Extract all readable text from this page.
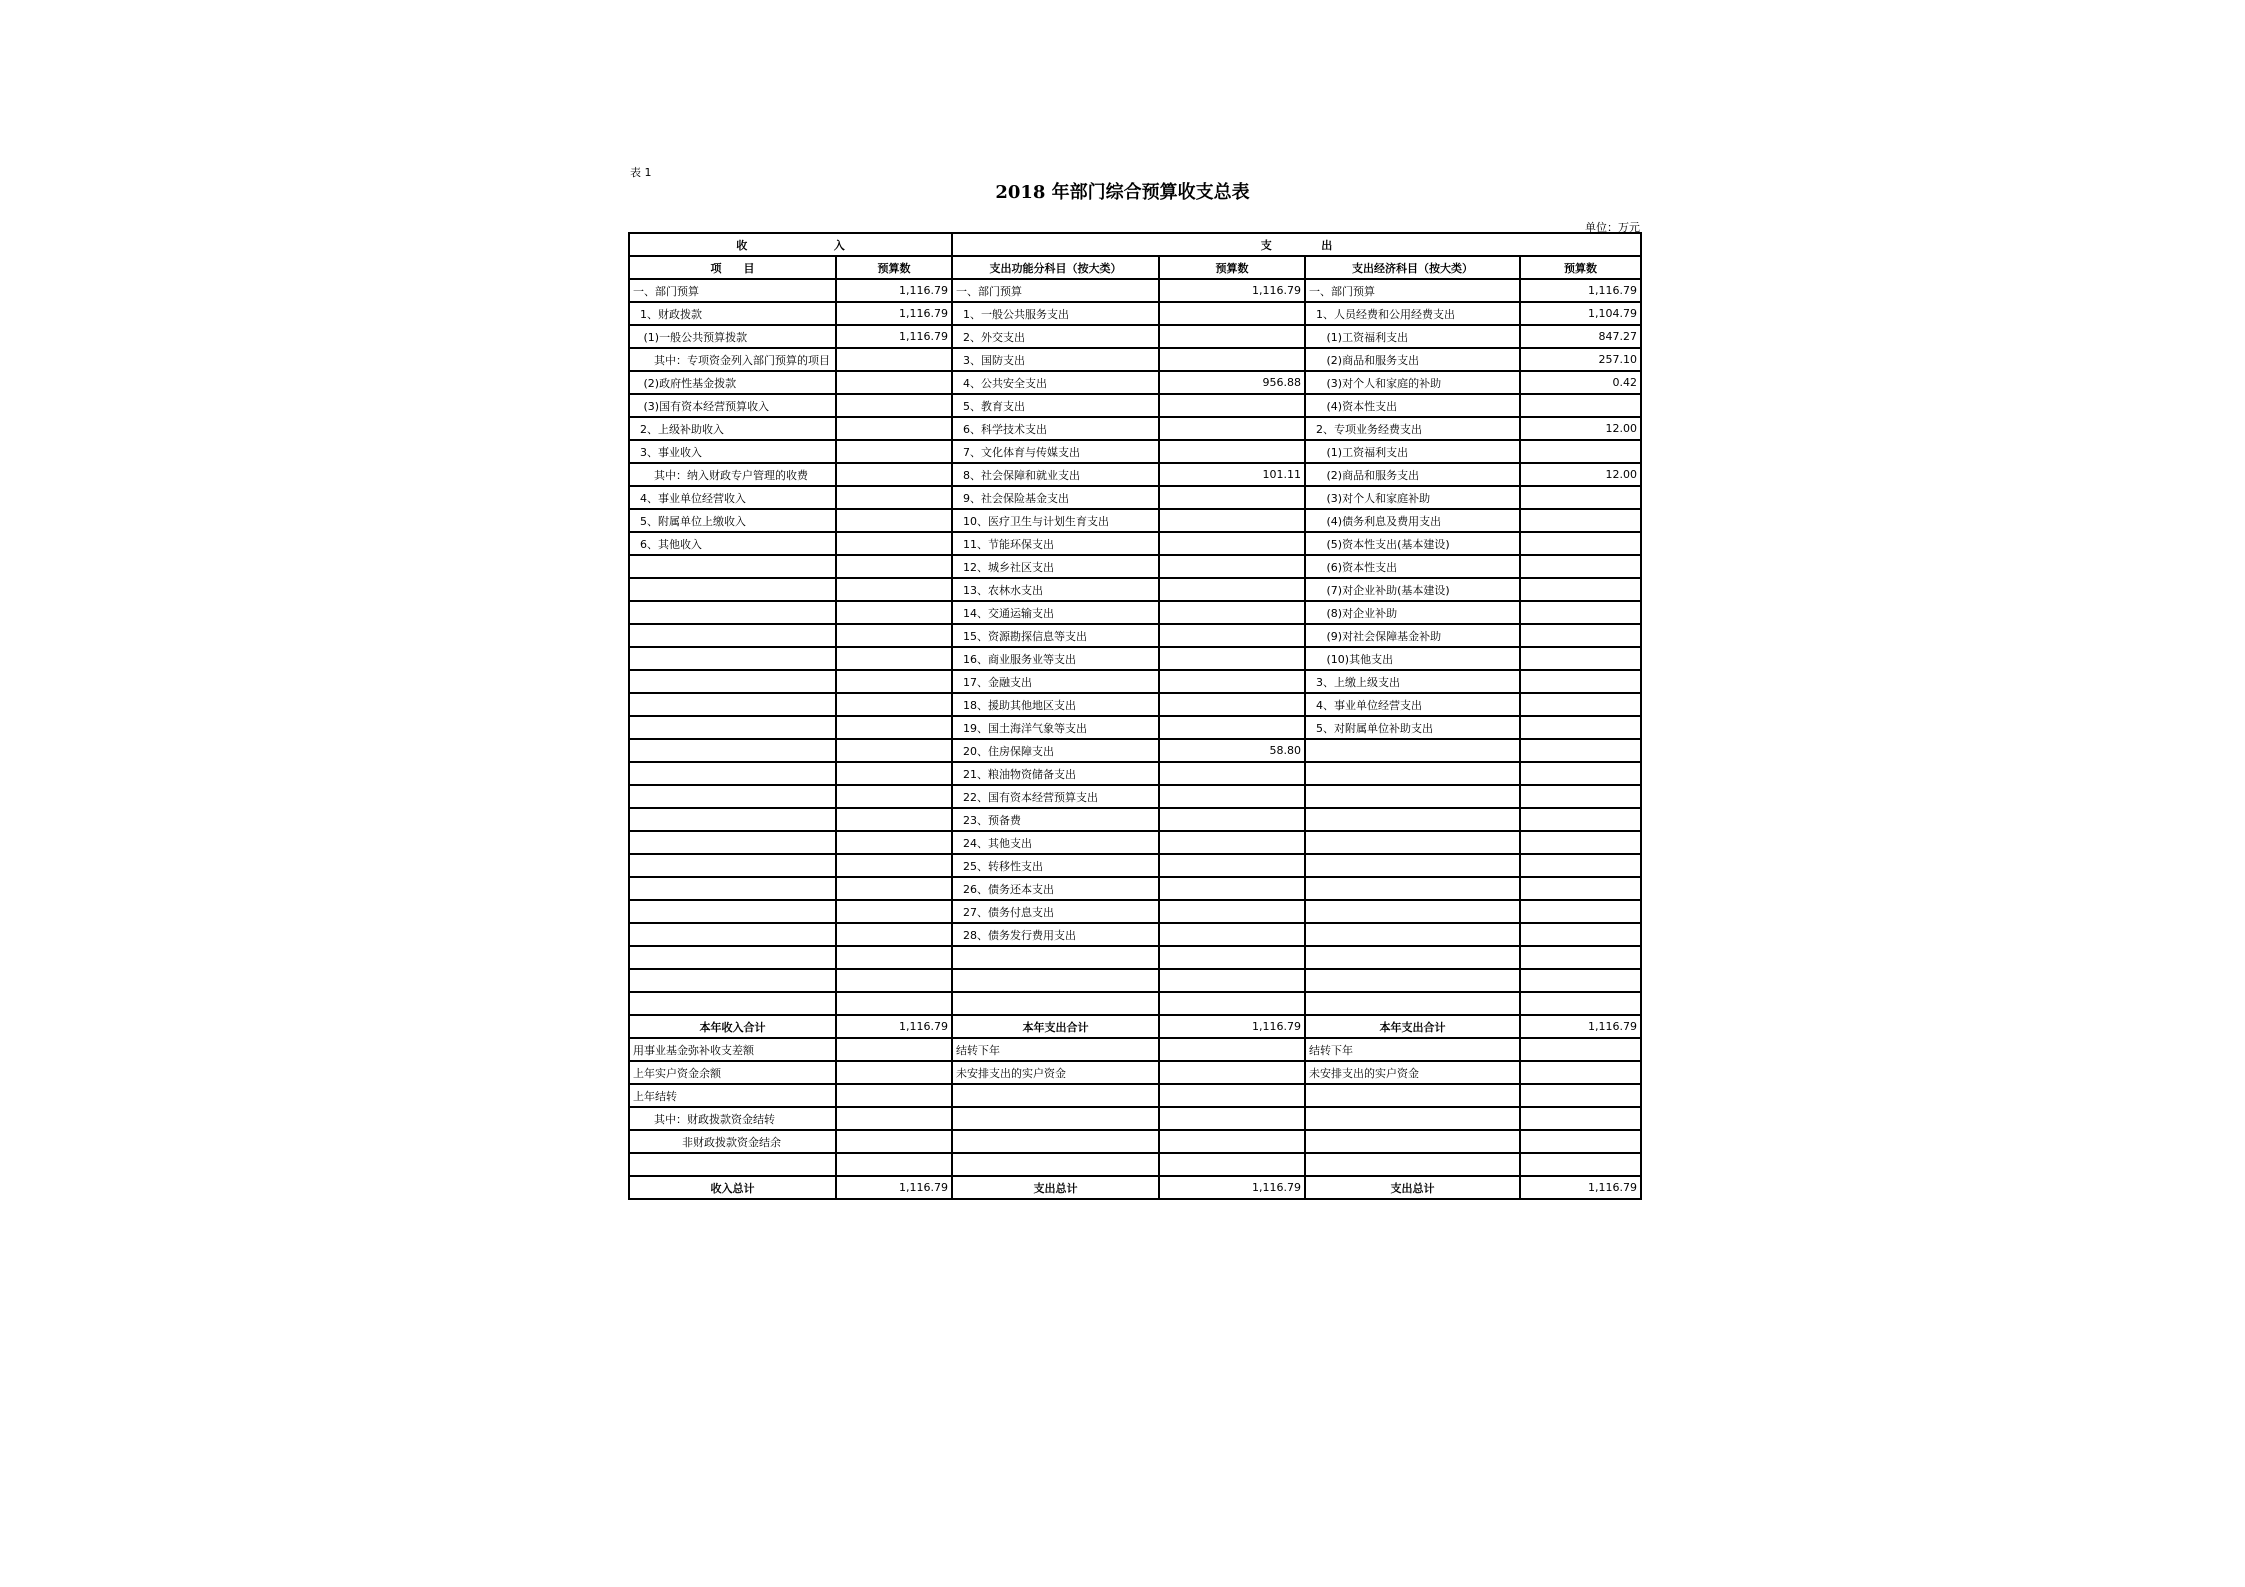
表 1
2018 年部门综合预算收支总表
单位：万元
收 入		支 出			

项　　目	预算数	支出功能分科目（按大类）	预算数	支出经济科目（按大类）	预算数
一、部门预算	1,116.79	一、部门预算	1,116.79	一、部门预算	1,116.79
1、财政拨款	1,116.79	1、一般公共服务支出		1、人员经费和公用经费支出	1,104.79
(1)一般公共预算拨款	1,116.79	2、外交支出		(1)工资福利支出	847.27
其中：专项资金列入部门预算的项目		3、国防支出		(2)商品和服务支出	257.10
(2)政府性基金拨款		4、公共安全支出	956.88	(3)对个人和家庭的补助	0.42
(3)国有资本经营预算收入		5、教育支出		(4)资本性支出	
2、上级补助收入		6、科学技术支出		2、专项业务经费支出	12.00
3、事业收入		7、文化体育与传媒支出		(1)工资福利支出	
其中：纳入财政专户管理的收费		8、社会保障和就业支出	101.11	(2)商品和服务支出	12.00
4、事业单位经营收入		9、社会保险基金支出		(3)对个人和家庭补助	
5、附属单位上缴收入		10、医疗卫生与计划生育支出		(4)债务利息及费用支出	
6、其他收入		11、节能环保支出		(5)资本性支出(基本建设)	
		12、城乡社区支出		(6)资本性支出	
		13、农林水支出		(7)对企业补助(基本建设)	
		14、交通运输支出		(8)对企业补助	
		15、资源勘探信息等支出		(9)对社会保障基金补助	
		16、商业服务业等支出		(10)其他支出	
		17、金融支出		3、上缴上级支出	
		18、援助其他地区支出		4、事业单位经营支出	
		19、国土海洋气象等支出		5、对附属单位补助支出	
		20、住房保障支出	58.80		
		21、粮油物资储备支出			
		22、国有资本经营预算支出			
		23、预备费			
		24、其他支出			
		25、转移性支出			
		26、债务还本支出			
		27、债务付息支出			
		28、债务发行费用支出			

本年收入合计	1,116.79	本年支出合计	1,116.79	本年支出合计	1,116.79
用事业基金弥补收支差额		结转下年		结转下年	
上年实户资金余额		未安排支出的实户资金		未安排支出的实户资金	
上年结转					
其中：财政拨款资金结转					
非财政拨款资金结余					

收入总计	1,116.79	支出总计	1,116.79	支出总计	1,116.79
